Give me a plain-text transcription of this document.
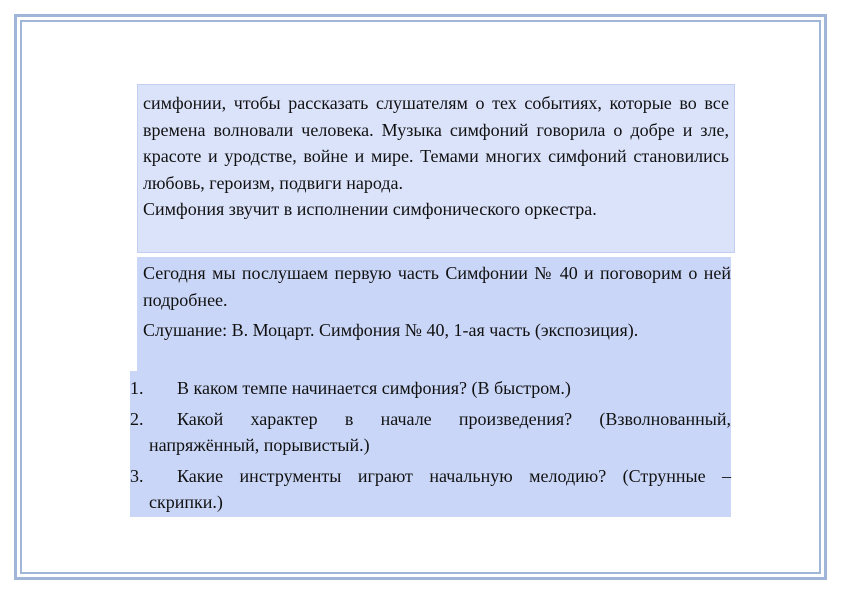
симфонии, чтобы рассказать слушателям о тех событиях, которые во все времена волновали человека. Музыка симфоний говорила о добре и зле, красоте и уродстве, войне и мире. Темами многих симфоний становились любовь, героизм, подвиги народа.

Симфония звучит в исполнении симфонического оркестра.

Сегодня мы послушаем первую часть Симфонии № 40 и поговорим о ней подробнее.

Слушание: В. Моцарт. Симфония № 40, 1-ая часть (экспозиция).

1.	В каком темпе начинается симфония? (В быстром.)
2.	Какой характер в начале произведения? (Взволнованный, напряжённый, порывистый.)
3.	Какие инструменты играют начальную мелодию? (Струнные – скрипки.)
